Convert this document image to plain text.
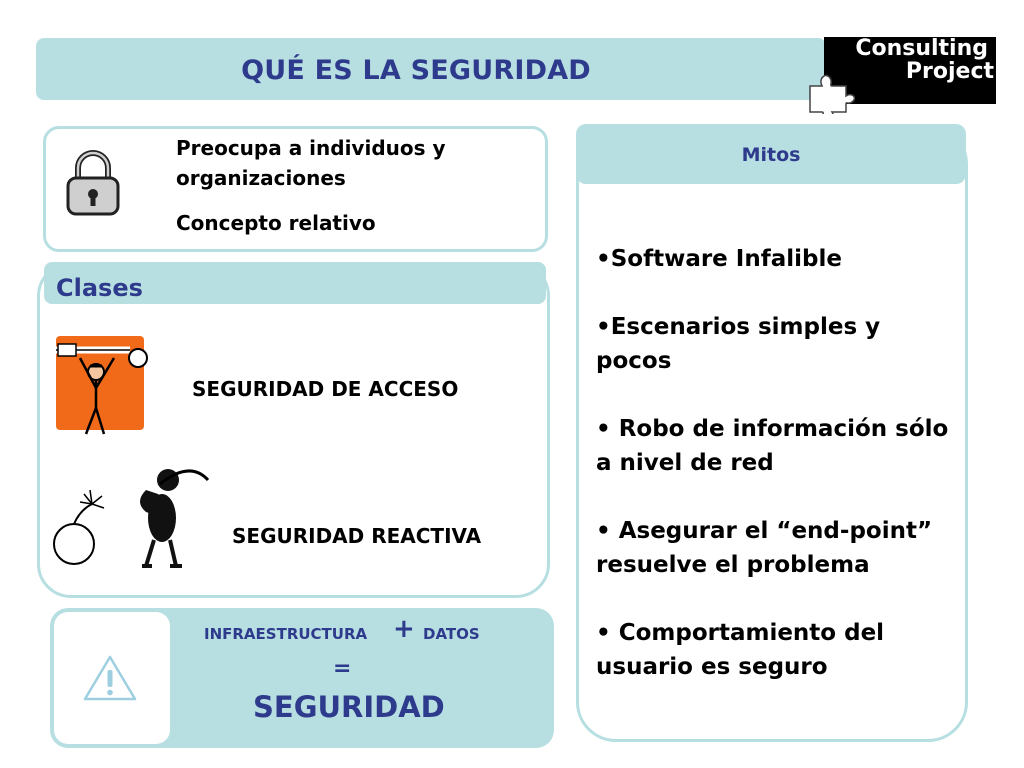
QUÉ ES LA SEGURIDAD
Consulting
Project
Preocupa a individuos y
organizaciones
Concepto relativo
Clases
SEGURIDAD DE ACCESO
SEGURIDAD REACTIVA
INFRAESTRUCTURA + DATOS
=
SEGURIDAD
Mitos
•Software Infalible
•Escenarios simples y
pocos
• Robo de información sólo
a nivel de red
• Asegurar el “end-point”
resuelve el problema
• Comportamiento del
usuario es seguro
